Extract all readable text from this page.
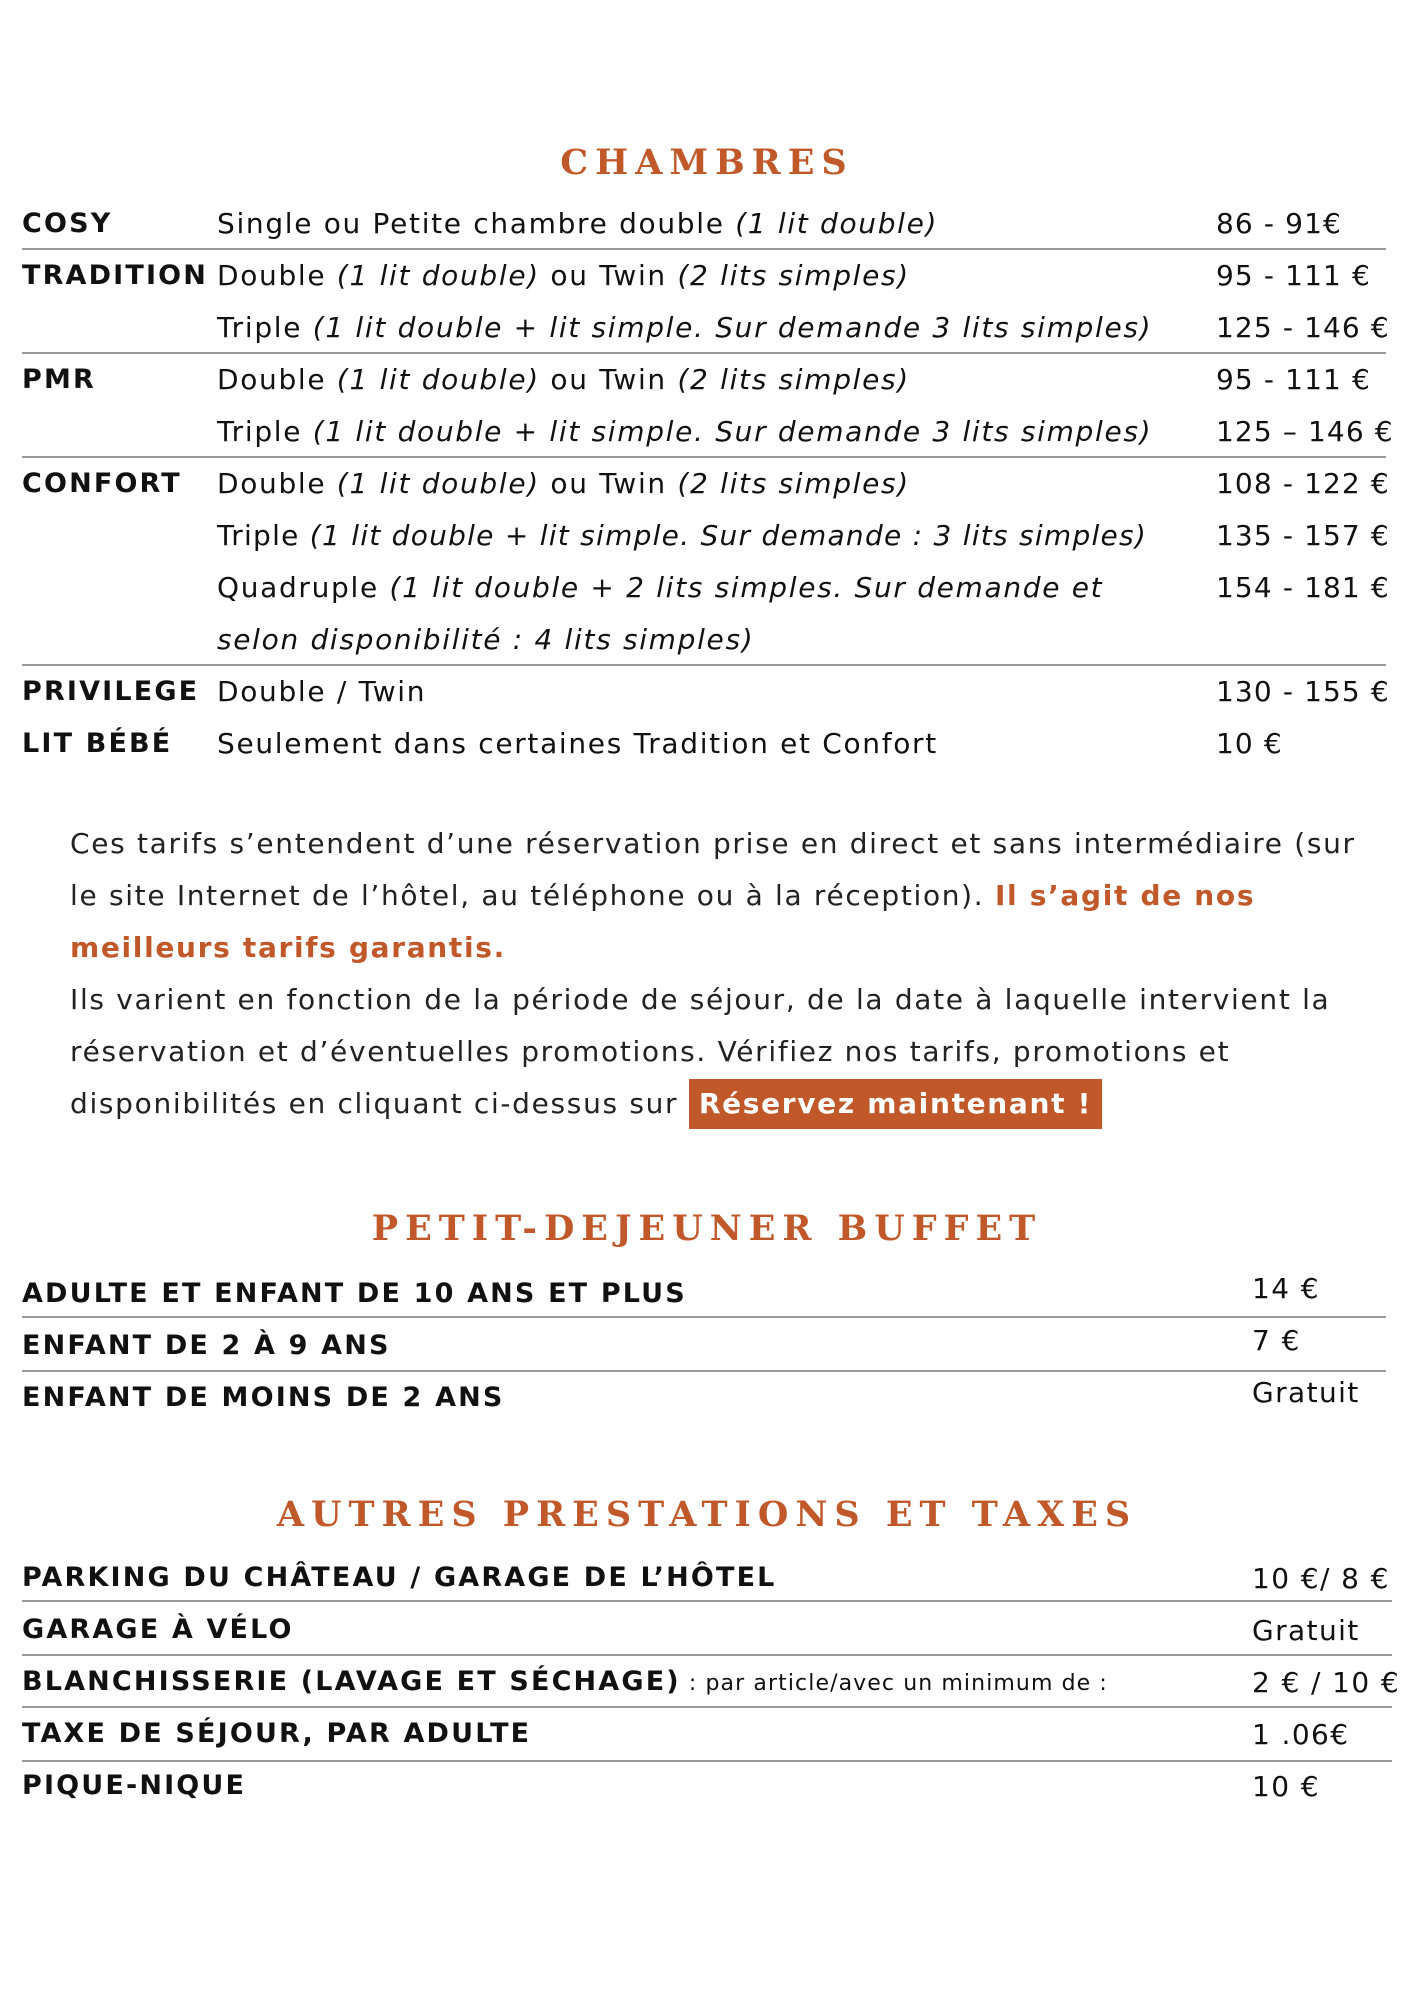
CHAMBRES
COSY	Single ou Petite chambre double (1 lit double)	86 - 91€
TRADITION Double (1 lit double) ou Twin (2 lits simples)	95 - 111 €
Triple (1 lit double + lit simple. Sur demande 3 lits simples) 125 - 146 €
PMR	Double (1 lit double) ou Twin (2 lits simples)	95 - 111 €
Triple (1 lit double + lit simple. Sur demande 3 lits simples) 125 – 146 €
CONFORT Double (1 lit double) ou Twin (2 lits simples)	108 - 122 €
Triple (1 lit double + lit simple. Sur demande : 3 lits simples) 135 - 157 €
Quadruple (1 lit double + 2 lits simples. Sur demande et	154 - 181 €
selon disponibilité : 4 lits simples)
PRIVILEGE Double / Twin	130 - 155 €
LIT BÉBÉ Seulement dans certaines Tradition et Confort	10 €
Ces tarifs s’entendent d’une réservation prise en direct et sans intermédiaire (sur le site Internet de l’hôtel, au téléphone ou à la réception). Il s’agit de nos meilleurs tarifs garantis.
Ils varient en fonction de la période de séjour, de la date à laquelle intervient la réservation et d’éventuelles promotions. Vérifiez nos tarifs, promotions et disponibilités en cliquant ci-dessus sur Réservez maintenant !
PETIT-DEJEUNER BUFFET
ADULTE ET ENFANT DE 10 ANS ET PLUS	14 €
ENFANT DE 2 À 9 ANS	7 €
ENFANT DE MOINS DE 2 ANS	Gratuit
AUTRES PRESTATIONS ET TAXES
PARKING DU CHÂTEAU / GARAGE DE L’HÔTEL	10 €/ 8 €
GARAGE À VÉLO	Gratuit
BLANCHISSERIE (LAVAGE ET SÉCHAGE) : par article/avec un minimum de :	2 € / 10 €
TAXE DE SÉJOUR, PAR ADULTE	1 .06€
PIQUE-NIQUE	10 €
